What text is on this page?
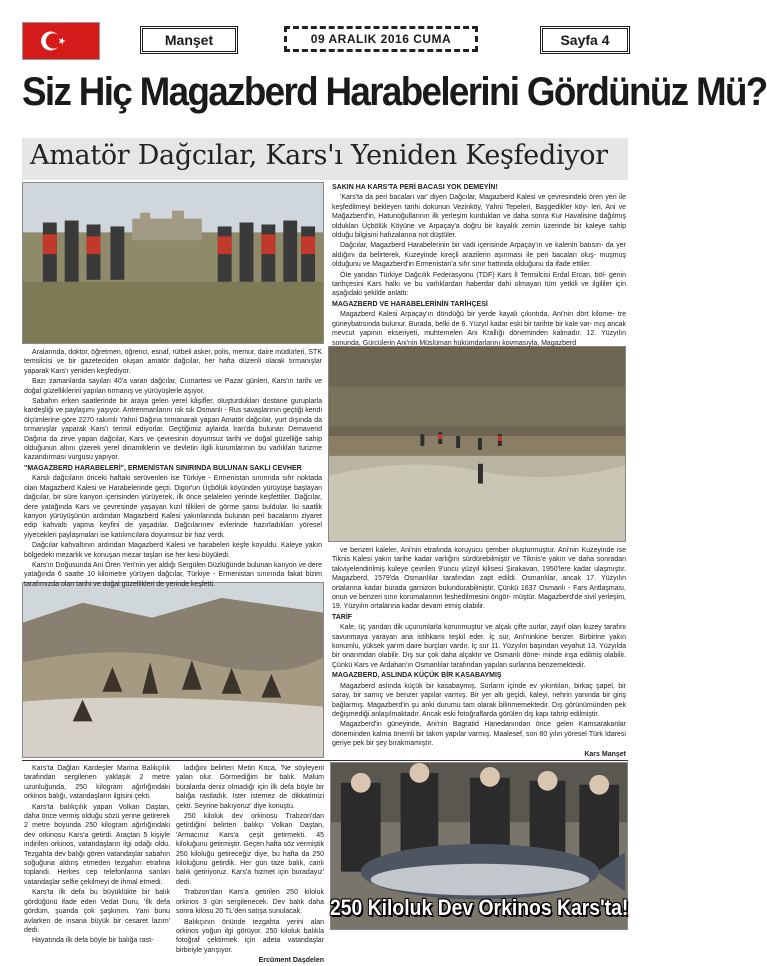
Manşet	09 ARALIK 2016 CUMA	Sayfa 4
Siz Hiç Magazberd Harabelerini Gördünüz Mü?
Amatör Dağcılar, Kars'ı Yeniden Keşfediyor

SAKIN HA KARS'TA PERİ BACASI YOK DEMEYİN!

'Kars'ta da peri bacaları var' diyen Dağcılar, Magazberd Kalesi ve çevresindeki ören yeri ile keşfedilmeyi bekleyen tarihi dokunun Vezinköy, Yahni Tepeleri, Başgedikler köy- leri, Ani ve Mağazberd'in, Hatunoğullarının ilk yerleşim kurdukları ve daha sonra Kur Havalisine dağılmış oldukları Üçbölük Köyüne ve Arpaçay'a doğru bir kayalık zemin üzerinde bir kaleye sahip olduğu bilgisini hafızalarına not düştüler.

Dağcılar, Magazberd Harabelerinin bir vadi içerisinde Arpaçay'ın ve kalenin batısın- da yer aldığını da belirterek, Kuzeyinde kireçli arazilerin aşınması ile peri bacaları oluş- muşmuş olduğunu ve Magazberd'in Ermenistan'a sıfır sınır hattında olduğunu da ifade ettiler.

Öte yandan Türkiye Dağcılık Federasyonu (TDF) Kars İl Temsilcisi Erdal Ercan, böl- genin tarihçesini Kars halkı ve bu varlıklardan haberdar dahi olmayan tüm yetkili ve ilgililer için aşağıdaki şekilde anlattı:

MAGAZBERD VE HARABELERİNİN TARİHÇESİ

Magazberd Kalesi Arpaçay'ın döndüğü bir yerde kayalı çıkıntıda, Ani'nin dört kilome- tre güneybatısında bulunur. Burada, belki de 6. Yüzyıl kadar eski bir tarihte bir kale var- mış ancak mevcut yapının ekseriyeti, muhtemelen Ani Krallığı döneminden kalmadır. 12. Yüzyılın sonunda, Gürcülerin Ani'nin Müslüman hükümdarlarını kovmasıyla, Magazberd

Aralarında, doktor, öğretmen, öğrenci, esnaf, rütbeli asker, polis, memur, daire müdürleri, STK temsilcisi ve bir gazeteciden oluşan amatör dağcılar, her hafta düzenli olarak tırmanışlar yaparak Kars'ı yeniden keşfediyor.

Bazı zamanlarda sayıları 40'a varan dağcılar, Cumartesi ve Pazar günleri, Kars'ın tarihi ve doğal güzelliklerini yapılan tırmanış ve yürüyüşlerle aşıyor.

Sabahın erken saatlerinde bir araya gelen yerel kâşifler, oluşturdukları dostane guruplarla kardeşliği ve paylaşımı yaşıyor. Antrenmanlarını ısk sık Osmanlı - Rus savaşlarının geçtiği kendi ölçümlerine göre 2270 rakımlı Yahni Dağına tırmanarak yapan Amatör dağcılar, yurt dışında da tırmanışlar yaparak Kars'ı temsil ediyorlar. Geçtiğimiz aylarda İran'da bulunan Demavend Dağına da zirve yapan dağcılar, Kars ve çevresinin doyumsuz tarihi ve doğal güzelliğe sahip olduğunun altını çizerek yerel dinamiklerin ve devletin ilgili kurumlarının bu varlıkları turizme kazandırması vurgusu yapıyor.

"MAGAZBERD HARABELERİ", ERMENİSTAN SINIRINDA BULUNAN SAKLI CEVHER

Karslı dağcıların önceki haftaki serüvenleri ise Türkiye - Ermenistan sınırında sıfır noktada olan Magazberd Kalesi ve Harabelerinde geçti. Digor'un Üçbölük köyünden yürüyüşe başlayan dağcılar, bir süre kanyon içerisinden yürüyerek, ilk önce şelaleleri yerinde keşfettiler. Dağcılar, dere yatağında Kars ve çevresinde yaşayan kızıl tilkileri de görme şansı buldular. İki saatlik kanyon yürüyüşünün ardından Magazberd Kalesi yakınlarında bulunan peri bacalarını ziyaret edip kahvaltı yapma keyfini de yaşadılar. Dağcılarınev evlerinde hazırladıkları yöresel yiyecekleri paylaşmaları ise katılımcılara doyumsuz bir haz verdi.

Dağcılar kahvaltının ardından Magazberd Kalesi ve harabeleri keşfe koyuldu. Kaleye yakın bölgedeki mezarlık ve konuşan mezar taşları ise her kesi büyüledi.

Kars'ın Doğusunda Ani Ören Yeri'nin yer aldığı Sergülen Düzlüğünde bulunan kanyon ve dere yatağında 6 saatte 10 kilometre yürüyen dağcılar, Türkiye - Ermenistan sınırında fakat bizim tarafımızda olan tarihi ve doğal güzellikleri de yerinde keşfetti.

ve benzeri kaleler, Ani'nin etrafında koruyucu çember oluşturmuştur. Ani'nin Kuzeyinde ise Tiknis Kalesi yakın tarihe kadar varlığını sürdürebilmiştir ve Tiknis'e yakın ve daha sonradan takviyelendirilmiş kuleye çevrilen 9'uncu yüzyıl kilisesi Şirakavan, 1950'lere kadar ulaşmıştır. Magazberd, 1579'da Osmanlılar tarafından zapt edildi. Osmanlılar, ancak 17. Yüzyılın ortalarına kadar burada garnizon bulundurabilmiştir. Çünkü 1637 Osmanlı - Fars Antlaşması, onun ve benzeri sınır korumalarının feshedilmesini öngör- müştür. Magazberd'de sivil yerleşim, 19. Yüzyılın ortalarına kadar devam etmiş olabilir.

TARİF

Kale, üç yandan dik uçurumlarla korunmuştur ve alçak çifte surlar, zayıf olan kuzey tarafını savunmaya yarayan ana istihkamı teşkil eder. İç sur, Ani'ninkine benzer. Birbirine yakın konumlu, yüksek yarım daire burçları vardır. İç sur 11. Yüzyılın başından veyahut 13. Yüzyılda bir onarımdan olabilir. Dış sur çok daha alçaktır ve Osmanlı döne- minde inşa edilmiş olabilir. Çünkü Kars ve Ardahan'ın Osmanlılar tarafından yapılan surlarına benzemektedir.

MAGAZBERD, ASLINDA KÜÇÜK BİR KASABAYMIŞ

Magazberd aslında küçük bir kasabaymış. Surların içinde ev yıkıntıları, birkaç şapel, bir saray, bir sarnıç ve benzer yapılar varmış. Bir yer altı geçidi, kaleyi, nehrin yanında bir giriş bağlarmış. Magazberd'in şu anki durumu tam olarak bilinmemektedir. Dış görünümünden pek değişmediği anlaşılmaktadır. Ancak eski fotoğraflarda görülen dış kapı tahrip edilmiştir.

Magazberd'in güneyinde, Ani'nin Bagratid Hanedanından önce gelen Kamsarakanlar döneminden kalma önemli bir takım yapılar varmış. Maalesef, son 80 yılın yöresel Türk İdaresi geriye pek bir şey bırakmamıştır.

Kars Manşet

Kars'ta Dağları Kardeşler Marina Balıkçılık tarafından sergilenen yaklaşık 2 metre uzunluğunda, 250 kilogram ağırlığındaki orkinos balığı, vatandaşların ilgisini çekti.

Kars'ta balıkçılık yapan Volkan Daştan, daha önce vermiş olduğu sözü yerine getirerek 2 metre boyunda 250 kilogram ağırlığındaki dev orkinosu Kars'a getirdi. Araçtan 5 kişiyle indirilen orkinos, vatandaşların ilgi odağı oldu. Tezgahta dev balığı gören vatandaşlar sabahın soğuğuna aldırış etmeden tezgahın etrafına toplandı. Herkes cep telefonlarına sarılan vatandaşlar selfie çekilmeyi de ihmal etmedi.

Kars'ta ilk defa bu büyüklükte bir balık gördüğünü ifade eden Vedat Duru, 'İlk defa gördüm, şuanda çok şaşkınım. Yani bunu avlarken de insana büyük bir cesaret lazım' dedi.

Hayatında ilk defa böyle bir balığa rast-

ladığını belirten Metin Koca, 'Ne söyleyeni yalan olur. Görmediğim bir balık. Malum buralarda deniz olmadığı için ilk defa böyle bir balığa rastladık. İster istemez de dikkatimizi çekti. Seyrine bakıyoruz' diye konuştu.

250 kiloluk dev orkinosu Trabzon'dan getirdiğini belirten balıkçı Volkan Daştan, 'Armacınız Kars'a çeşit getirmekti. 45 kiloluğunu getirmiştir. Geçen hafta söz vermiştik 250 kiloluğu getireceğiz diye, bu hafta da 250 kiloluğunu getirdik. Her gün taze balık, canlı balık getiriyoruz. Kars'a hizmet için buradayız' dedi.

Trabzon'dan Kars'a getirilen 250 kiloluk orkinos 3 gün sergilenecek. Dev balık daha sonra kilosu 20 TL'den satışa sunulacak.

Balıkçının önünde tezgahta yerini alan orkinos yoğun ilgi görüyor. 250 kiloluk balıkla fotoğraf çektirmek için adeta vatandaşlar birbiriyle yarışıyor.

Ercüment Daşdelen

250 Kiloluk Dev Orkinos Kars'ta!
